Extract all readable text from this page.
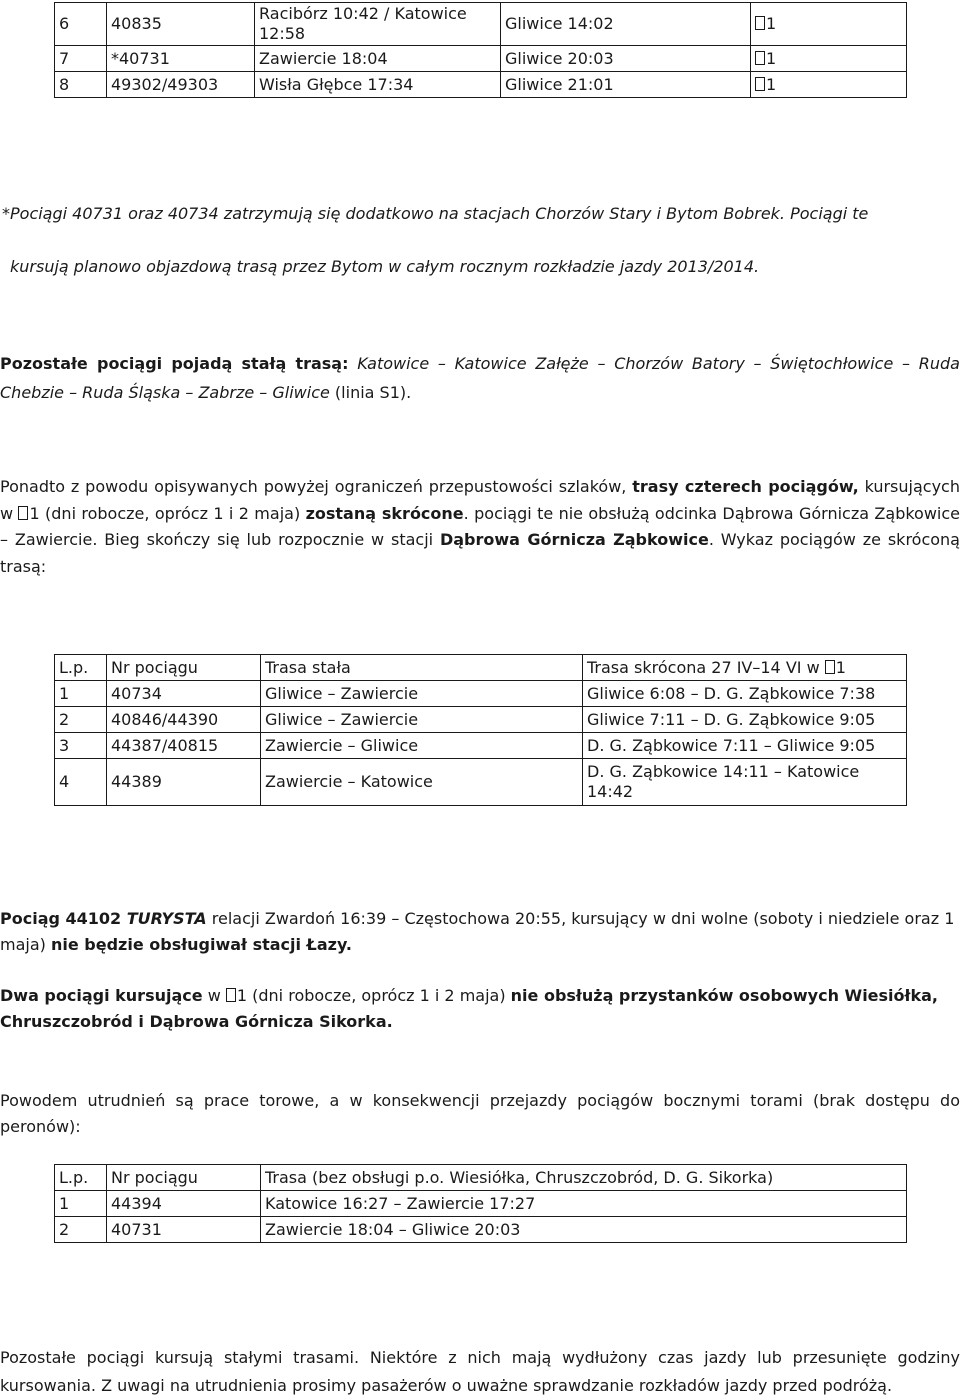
6	40835	Racibórz 10:42 / Katowice 12:58	Gliwice 14:02	1
7	*40731	Zawiercie 18:04	Gliwice 20:03	1
8	49302/49303	Wisła Głębce 17:34	Gliwice 21:01	1
*Pociągi 40731 oraz 40734 zatrzymują się dodatkowo na stacjach Chorzów Stary i Bytom Bobrek. Pociągi te
kursują planowo objazdową trasą przez Bytom w całym rocznym rozkładzie jazdy 2013/2014.

Pozostałe pociągi pojadą stałą trasą: Katowice – Katowice Załęże – Chorzów Batory – Świętochłowice – Ruda Chebzie – Ruda Śląska – Zabrze – Gliwice (linia S1).

Ponadto z powodu opisywanych powyżej ograniczeń przepustowości szlaków, trasy czterech pociągów, kursujących w 1 (dni robocze, oprócz 1 i 2 maja) zostaną skrócone. pociągi te nie obsłużą odcinka Dąbrowa Górnicza Ząbkowice – Zawiercie. Bieg skończy się lub rozpocznie w stacji Dąbrowa Górnicza Ząbkowice. Wykaz pociągów ze skróconą trasą:

L.p.	Nr pociągu	Trasa stała	Trasa skrócona 27 IV–14 VI w 1
1	40734	Gliwice – Zawiercie	Gliwice 6:08 – D. G. Ząbkowice 7:38
2	40846/44390	Gliwice – Zawiercie	Gliwice 7:11 – D. G. Ząbkowice 9:05
3	44387/40815	Zawiercie – Gliwice	D. G. Ząbkowice 7:11 – Gliwice 9:05
4	44389	Zawiercie – Katowice	D. G. Ząbkowice 14:11 – Katowice 14:42

Pociąg 44102 TURYSTA relacji Zwardoń 16:39 – Częstochowa 20:55, kursujący w dni wolne (soboty i niedziele oraz 1 maja) nie będzie obsługiwał stacji Łazy.

Dwa pociągi kursujące w 1 (dni robocze, oprócz 1 i 2 maja) nie obsłużą przystanków osobowych Wiesiółka, Chruszczobród i Dąbrowa Górnicza Sikorka.

Powodem utrudnień są prace torowe, a w konsekwencji przejazdy pociągów bocznymi torami (brak dostępu do peronów):

L.p.	Nr pociągu	Trasa (bez obsługi p.o. Wiesiółka, Chruszczobród, D. G. Sikorka)
1	44394	Katowice 16:27 – Zawiercie 17:27
2	40731	Zawiercie 18:04 – Gliwice 20:03

Pozostałe pociągi kursują stałymi trasami. Niektóre z nich mają wydłużony czas jazdy lub przesunięte godziny kursowania. Z uwagi na utrudnienia prosimy pasażerów o uważne sprawdzanie rozkładów jazdy przed podróżą.
